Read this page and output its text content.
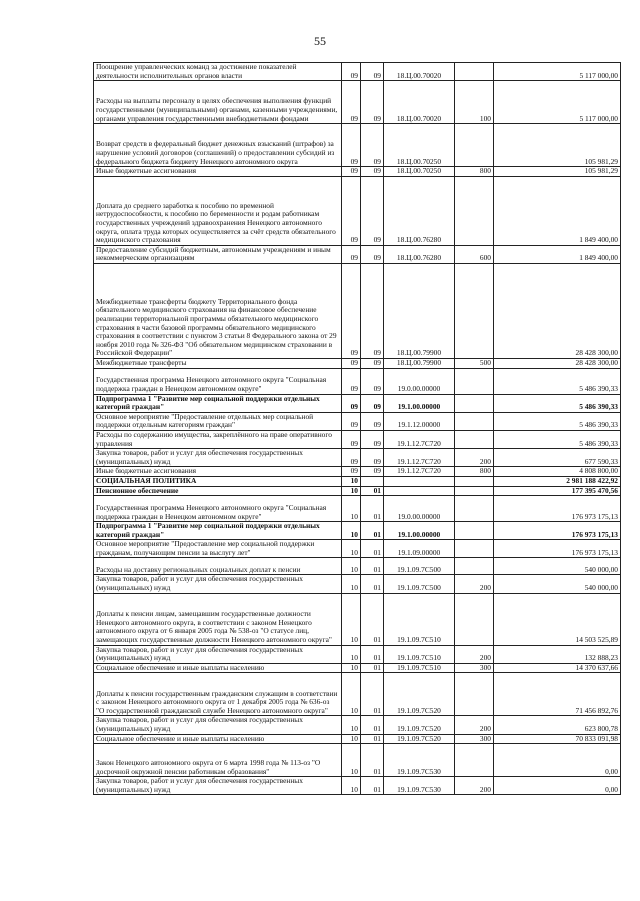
55
Поощрение управленческих команд за достижение показателей деятельности исполнительных органов власти	09	09	18.Ц.00.70020		5 117 000,00
Расходы на выплаты персоналу в целях обеспечения выполнения функций государственными (муниципальными) органами, казенными учреждениями, органами управления государственными внебюджетными фондами	09	09	18.Ц.00.70020	100	5 117 000,00
Возврат средств в федеральный бюджет денежных взысканий (штрафов) за нарушение условий договоров (соглашений) о предоставлении субсидий из федерального бюджета бюджету Ненецкого автономного округа	09	09	18.Ц.00.70250		105 981,29
Иные бюджетные ассигнования	09	09	18.Ц.00.70250	800	105 981,29
Доплата до среднего заработка к пособию по временной нетрудоспособности, к пособию по беременности и родам работникам государственных учреждений здравоохранения Ненецкого автономного округа, оплата труда которых осуществляется за счёт средств обязательного медицинского страхования	09	09	18.Ц.00.76280		1 849 400,00
Предоставление субсидий бюджетным, автономным учреждениям и иным некоммерческим организациям	09	09	18.Ц.00.76280	600	1 849 400,00
Межбюджетные трансферты бюджету Территориального фонда обязательного медицинского страхования на финансовое обеспечение реализации территориальной программы обязательного медицинского страхования в части базовой программы обязательного медицинского страхования в соответствии с пунктом 3 статьи 8 Федерального закона от 29 ноября 2010 года № 326-ФЗ "Об обязательном медицинском страховании в Российской Федерации"	09	09	18.Ц.00.79900		28 428 300,00
Межбюджетные трансферты	09	09	18.Ц.00.79900	500	28 428 300,00
Государственная программа Ненецкого автономного округа "Социальная поддержка граждан в Ненецком автономном округе"	09	09	19.0.00.00000		5 486 390,33
Подпрограмма 1 "Развитие мер социальной поддержки отдельных категорий граждан"	09	09	19.1.00.00000		5 486 390,33
Основное мероприятие "Предоставление отдельных мер социальной поддержки отдельным категориям граждан"	09	09	19.1.12.00000		5 486 390,33
Расходы по содержанию имущества, закреплённого на праве оперативного управления	09	09	19.1.12.7C720		5 486 390,33
Закупка товаров, работ и услуг для обеспечения государственных (муниципальных) нужд	09	09	19.1.12.7C720	200	677 590,33
Иные бюджетные ассигнования	09	09	19.1.12.7C720	800	4 808 800,00
СОЦИАЛЬНАЯ ПОЛИТИКА	10				2 981 188 422,92
Пенсионное обеспечение	10	01			177 395 470,56
Государственная программа Ненецкого автономного округа "Социальная поддержка граждан в Ненецком автономном округе"	10	01	19.0.00.00000		176 973 175,13
Подпрограмма 1 "Развитие мер социальной поддержки отдельных категорий граждан"	10	01	19.1.00.00000		176 973 175,13
Основное мероприятие "Предоставление мер социальной поддержки гражданам, получающим пенсии за выслугу лет"	10	01	19.1.09.00000		176 973 175,13
Расходы на доставку региональных социальных доплат к пенсии	10	01	19.1.09.7C500		540 000,00
Закупка товаров, работ и услуг для обеспечения государственных (муниципальных) нужд	10	01	19.1.09.7C500	200	540 000,00
Доплаты к пенсии лицам, замещавшим государственные должности Ненецкого автономного округа, в соответствии с законом Ненецкого автономного округа от 6 января 2005 года № 538-оз "О статусе лиц, замещающих государственные должности Ненецкого автономного округа"	10	01	19.1.09.7C510		14 503 525,89
Закупка товаров, работ и услуг для обеспечения государственных (муниципальных) нужд	10	01	19.1.09.7C510	200	132 888,23
Социальное обеспечение и иные выплаты населению	10	01	19.1.09.7C510	300	14 370 637,66
Доплаты к пенсии государственным гражданским служащим в соответствии с законом Ненецкого автономного округа от 1 декабря 2005 года № 636-оз "О государственной гражданской службе Ненецкого автономного округа"	10	01	19.1.09.7C520		71 456 892,76
Закупка товаров, работ и услуг для обеспечения государственных (муниципальных) нужд	10	01	19.1.09.7C520	200	623 800,78
Социальное обеспечение и иные выплаты населению	10	01	19.1.09.7C520	300	70 833 091,98
Закон Ненецкого автономного округа от 6 марта 1998 года № 113-оз "О досрочной окружной пенсии работникам образования"	10	01	19.1.09.7C530		0,00
Закупка товаров, работ и услуг для обеспечения государственных (муниципальных) нужд	10	01	19.1.09.7C530	200	0,00
